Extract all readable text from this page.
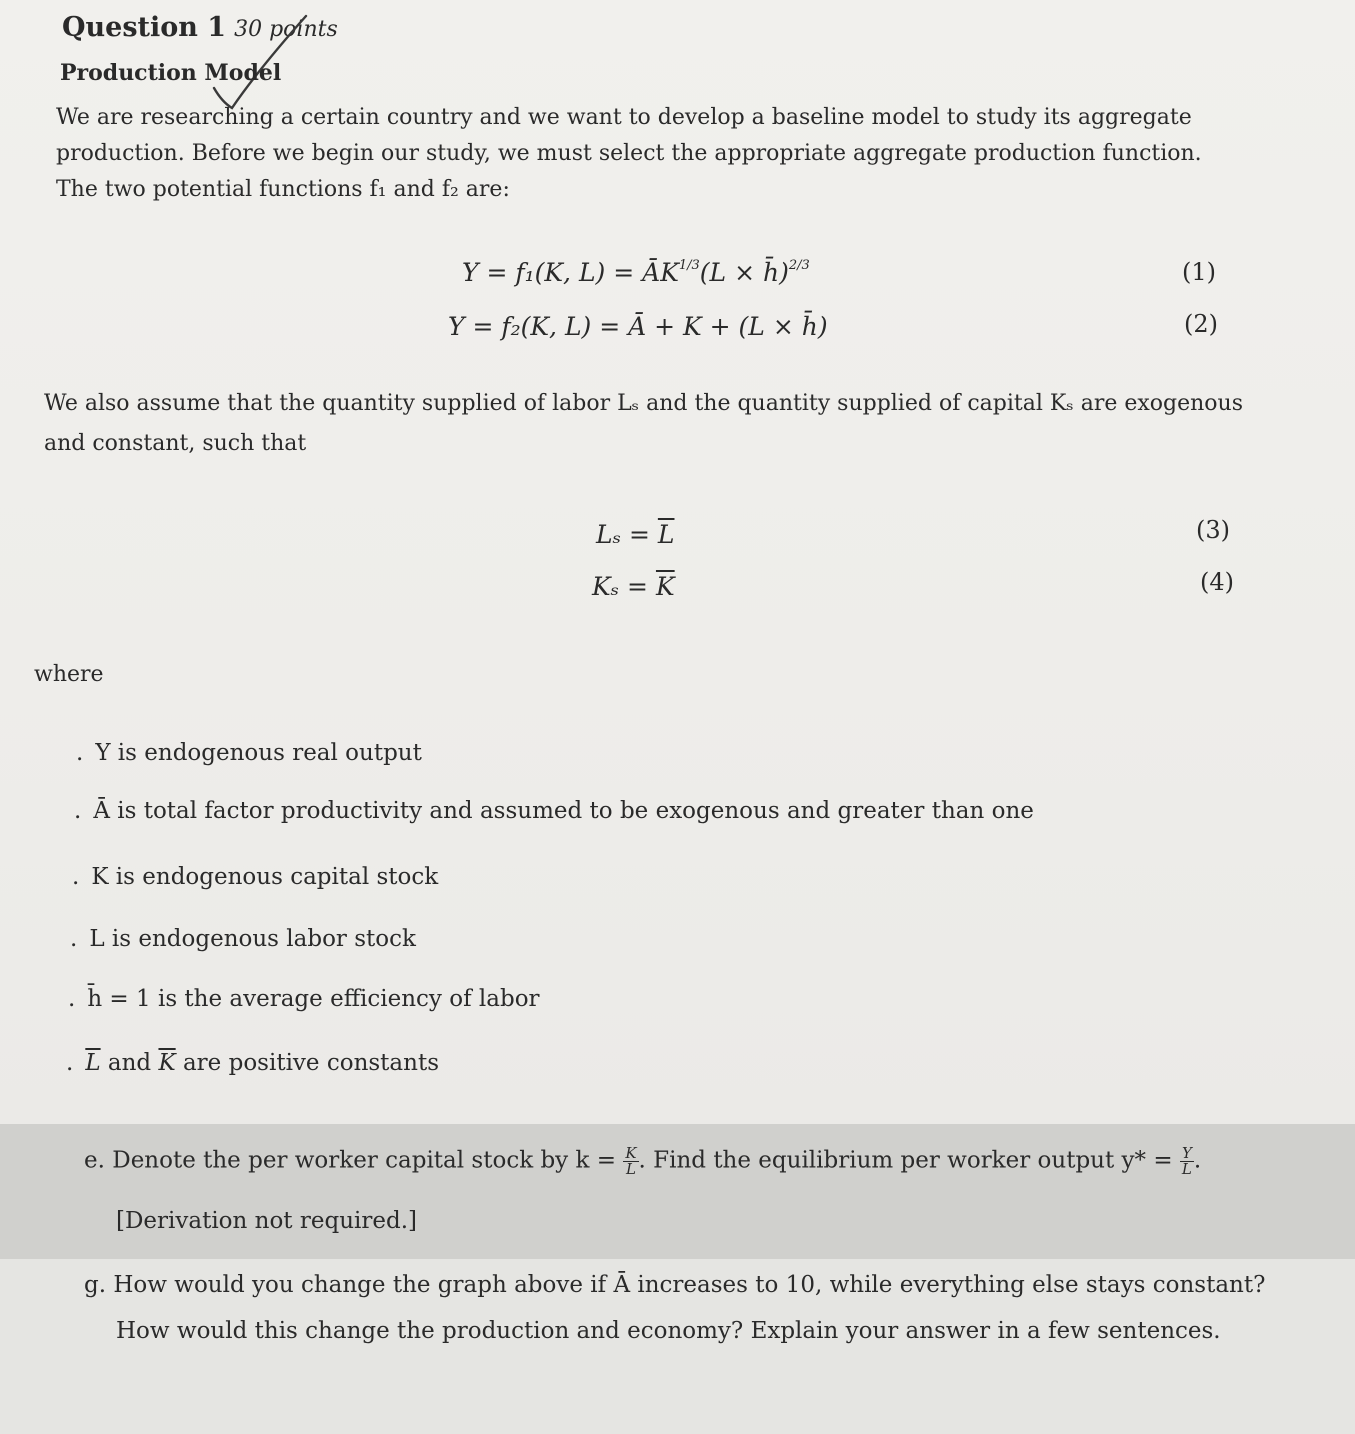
Question 1 30 points
Production Model
We are researching a certain country and we want to develop a baseline model to study its aggregate production. Before we begin our study, we must select the appropriate aggregate production function. The two potential functions f₁ and f₂ are:
Y = f₁(K, $L) = ĀK^{1/3}(L$ × h̄)$^{2/3}$	(1)
Y = f₂(K, L) = Ā + K + (L × h̄)	(2)
We also assume that the quantity supplied of labor Lₛ and the quantity supplied of capital Kₛ are exogenous and constant, such that
$L_s = \overline{L}$	(3)
$K_s = \overline{K}$	(4)
where
. Y is endogenous real output
. Ā is total factor productivity and assumed to be exogenous and greater than one
. K is endogenous capital stock
. L is endogenous labor stock
. h̄ = 1 is the average efficiency of labor
. $\overline{L}$ and $\overline{K}$ are positive constants
e. Denote the per worker capital stock by $k = \frac{K}{L}$ . Find the equilibrium per worker output $y* = \frac{Y}{L}$ .
[Derivation not required.]
g. How would you change the graph above if Ā increases to 10, while everything else stays constant?
How would this change the production and economy? Explain your answer in a few sentences.
